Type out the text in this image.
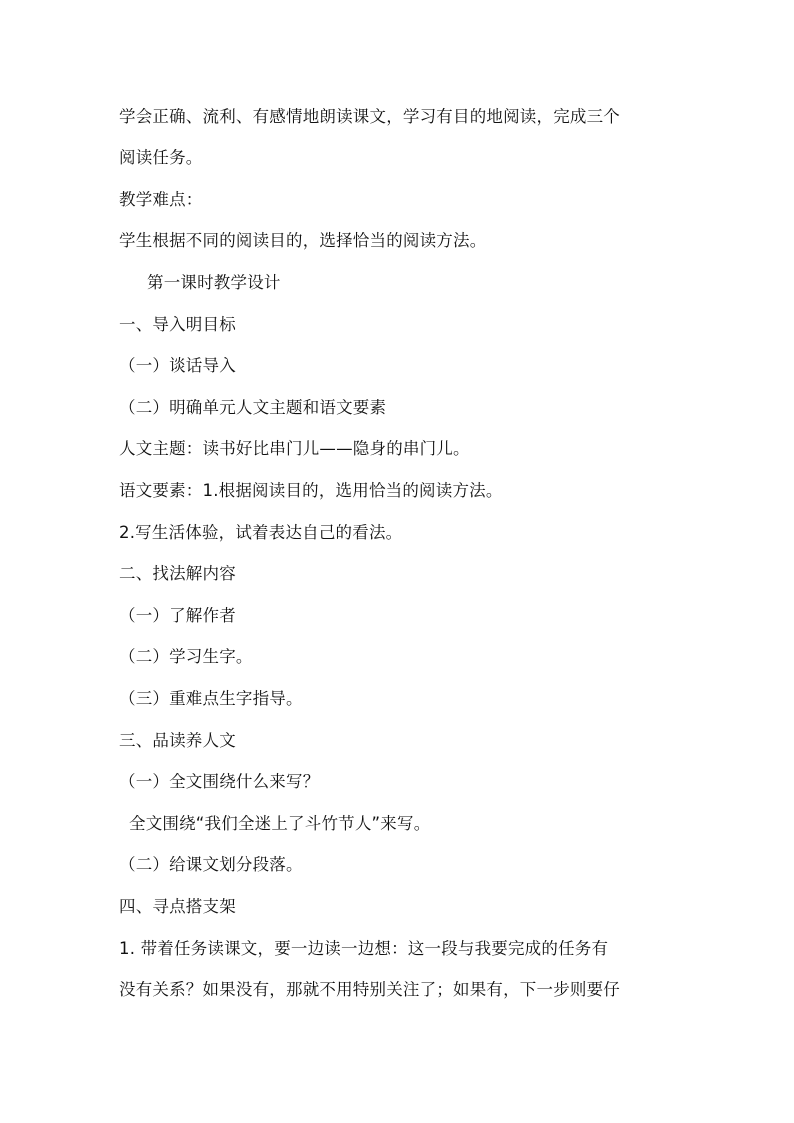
学会正确、流利、有感情地朗读课文，学习有目的地阅读，完成三个
阅读任务。
教学难点：
学生根据不同的阅读目的，选择恰当的阅读方法。
第一课时教学设计
一、导入明目标
（一）谈话导入
（二）明确单元人文主题和语文要素
人文主题：读书好比串门儿——隐身的串门儿。
语文要素：1.根据阅读目的，选用恰当的阅读方法。
2.写生活体验，试着表达自己的看法。
二、找法解内容
（一）了解作者
（二）学习生字。
（三）重难点生字指导。
三、品读养人文
（一）全文围绕什么来写？
全文围绕“我们全迷上了斗竹节人”来写。
（二）给课文划分段落。
四、寻点搭支架
1. 带着任务读课文，要一边读一边想：这一段与我要完成的任务有
没有关系？如果没有，那就不用特别关注了；如果有，下一步则要仔
